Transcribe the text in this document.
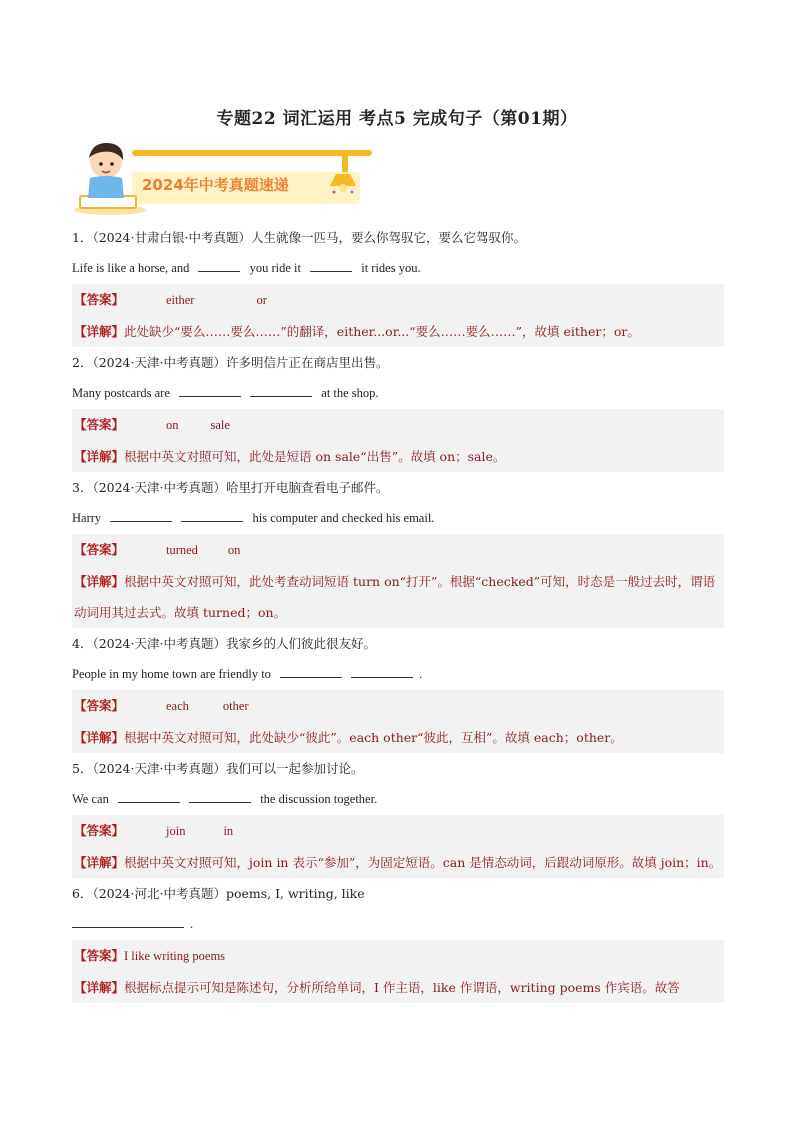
专题22 词汇运用 考点5 完成句子（第01期）
2024年中考真题速递
1．（2024·甘肃白银·中考真题）人生就像一匹马，要么你驾驭它，要么它驾驭你。
Life is like a horse, and	you ride it	it rides you.
【答案】	either	or
【详解】此处缺少“要么……要么……”的翻译，either...or...“要么……要么……”，故填 either；or。
2．（2024·天津·中考真题）许多明信片正在商店里出售。
Many postcards are	at the shop.
【答案】	on	sale
【详解】根据中英文对照可知，此处是短语 on sale“出售”。故填 on；sale。
3．（2024·天津·中考真题）哈里打开电脑查看电子邮件。
Harry	his computer and checked his email.
【答案】	turned on
【详解】根据中英文对照可知，此处考查动词短语 turn on“打开”。根据“checked”可知，时态是一般过去时，谓语动词用其过去式。故填 turned；on。
4．（2024·天津·中考真题）我家乡的人们彼此很友好。
People in my home town are friendly to	.
【答案】	each	other
【详解】根据中英文对照可知，此处缺少“彼此”。each other“彼此，互相”。故填 each；other。
5．（2024·天津·中考真题）我们可以一起参加讨论。
We can	the discussion together.
【答案】	join	in
【详解】根据中英文对照可知，join in 表示“参加”，为固定短语。can 是情态动词，后跟动词原形。故填 join；in。
6．（2024·河北·中考真题）poems, I, writing, like
.
【答案】I like writing poems
【详解】根据标点提示可知是陈述句，分析所给单词，I 作主语，like 作谓语，writing poems 作宾语。故答
